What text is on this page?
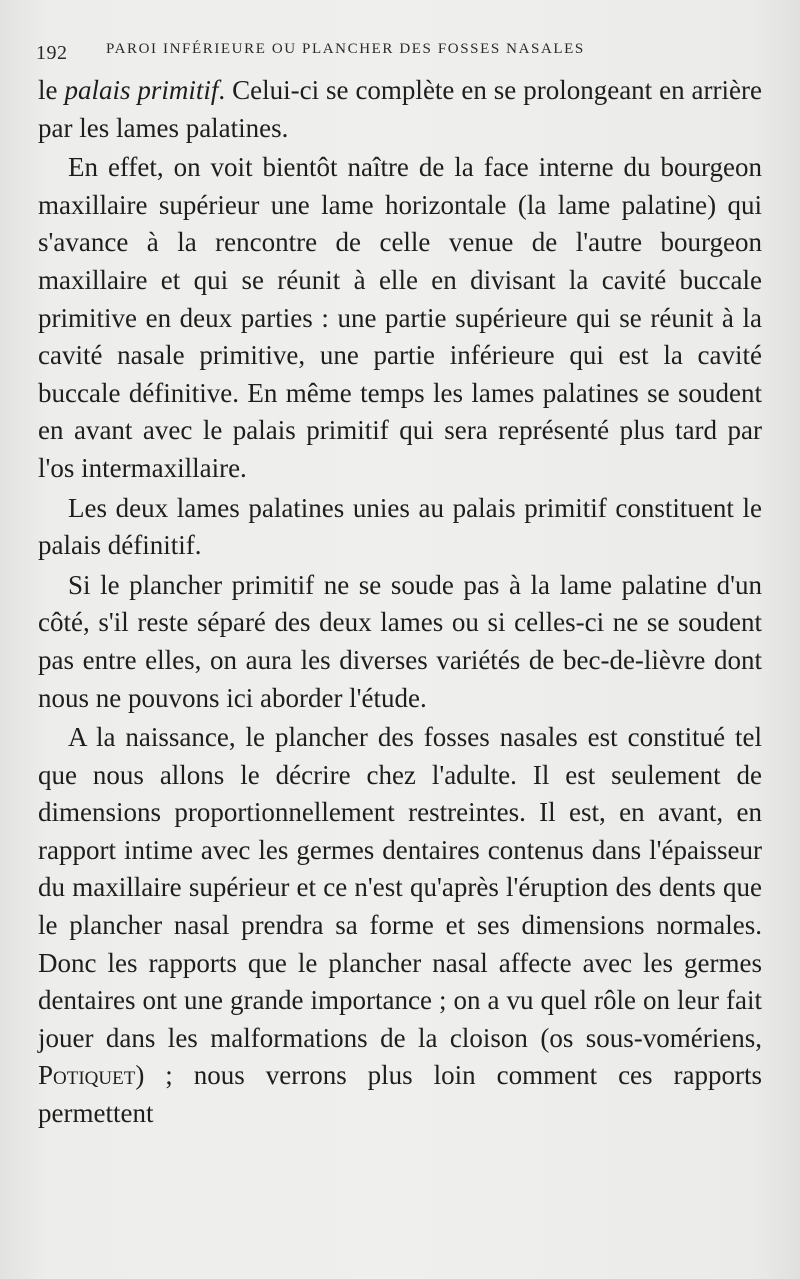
192	PAROI INFÉRIEURE OU PLANCHER DES FOSSES NASALES

le palais primitif. Celui-ci se complète en se prolongeant en arrière par les lames palatines.

En effet, on voit bientôt naître de la face interne du bourgeon maxillaire supérieur une lame horizontale (la lame palatine) qui s'avance à la rencontre de celle venue de l'autre bourgeon maxillaire et qui se réunit à elle en divisant la cavité buccale primitive en deux parties : une partie supérieure qui se réunit à la cavité nasale primitive, une partie inférieure qui est la cavité buccale définitive. En même temps les lames palatines se soudent en avant avec le palais primitif qui sera représenté plus tard par l'os intermaxillaire.

Les deux lames palatines unies au palais primitif constituent le palais définitif.

Si le plancher primitif ne se soude pas à la lame palatine d'un côté, s'il reste séparé des deux lames ou si celles-ci ne se soudent pas entre elles, on aura les diverses variétés de bec-de-lièvre dont nous ne pouvons ici aborder l'étude.

A la naissance, le plancher des fosses nasales est constitué tel que nous allons le décrire chez l'adulte. Il est seulement de dimensions proportionnellement restreintes. Il est, en avant, en rapport intime avec les germes dentaires contenus dans l'épaisseur du maxillaire supérieur et ce n'est qu'après l'éruption des dents que le plancher nasal prendra sa forme et ses dimensions normales. Donc les rapports que le plancher nasal affecte avec les germes dentaires ont une grande importance ; on a vu quel rôle on leur fait jouer dans les malformations de la cloison (os sous-vomériens, Potiquet) ; nous verrons plus loin comment ces rapports permettent
